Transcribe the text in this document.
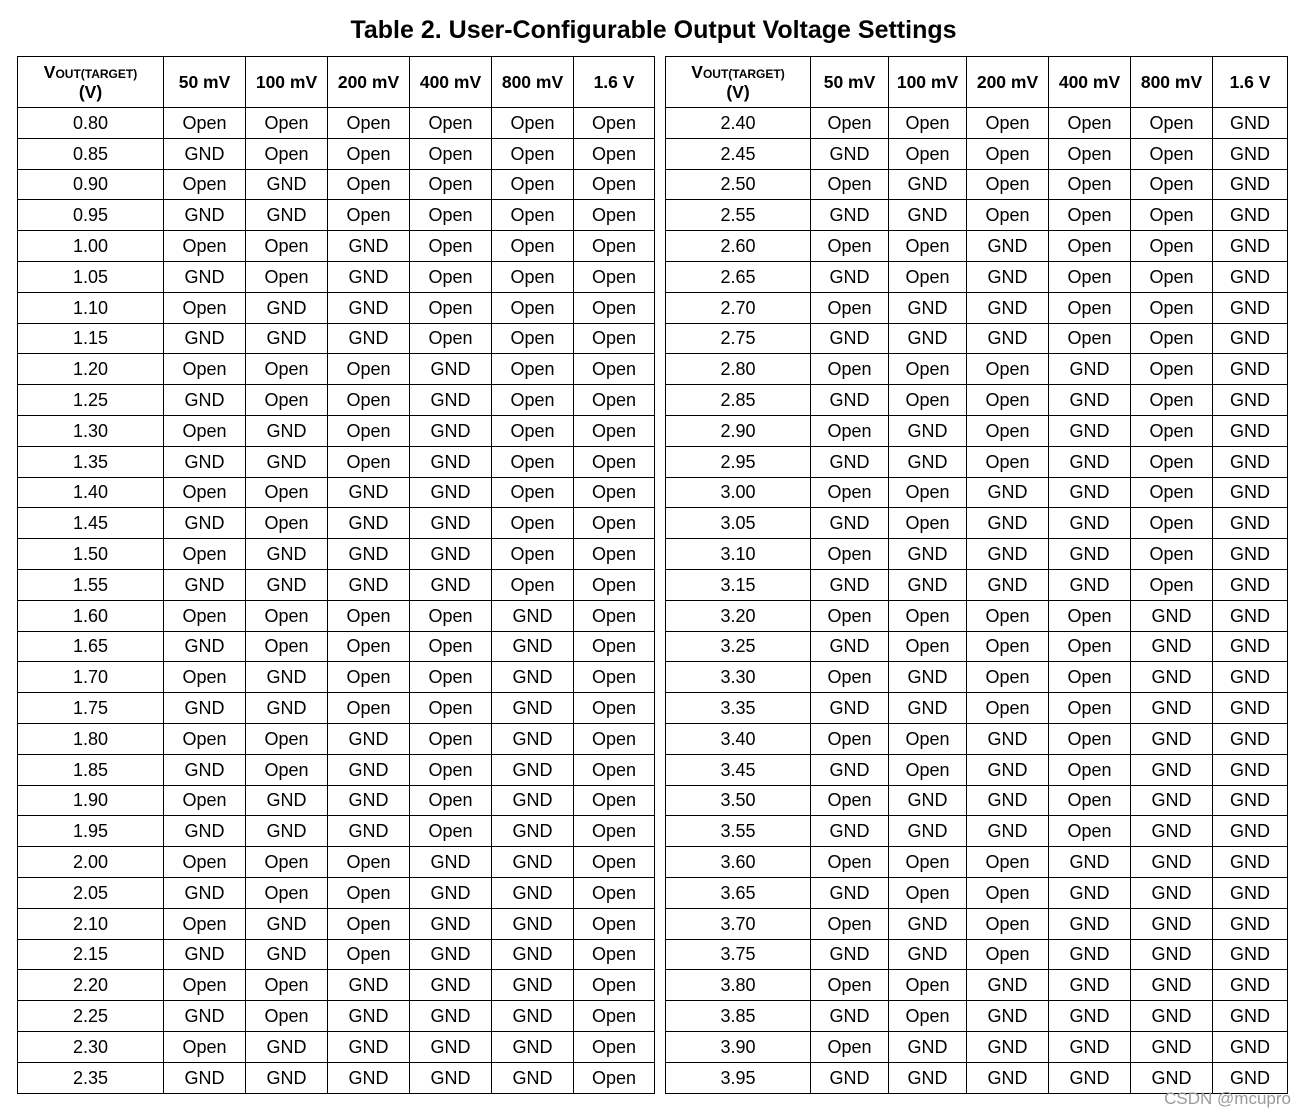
Table 2. User-Configurable Output Voltage Settings
VOUT(TARGET)
(V)	50 mV	100 mV	200 mV	400 mV	800 mV	1.6 V
0.80	Open	Open	Open	Open	Open	Open
0.85	GND	Open	Open	Open	Open	Open
0.90	Open	GND	Open	Open	Open	Open
0.95	GND	GND	Open	Open	Open	Open
1.00	Open	Open	GND	Open	Open	Open
1.05	GND	Open	GND	Open	Open	Open
1.10	Open	GND	GND	Open	Open	Open
1.15	GND	GND	GND	Open	Open	Open
1.20	Open	Open	Open	GND	Open	Open
1.25	GND	Open	Open	GND	Open	Open
1.30	Open	GND	Open	GND	Open	Open
1.35	GND	GND	Open	GND	Open	Open
1.40	Open	Open	GND	GND	Open	Open
1.45	GND	Open	GND	GND	Open	Open
1.50	Open	GND	GND	GND	Open	Open
1.55	GND	GND	GND	GND	Open	Open
1.60	Open	Open	Open	Open	GND	Open
1.65	GND	Open	Open	Open	GND	Open
1.70	Open	GND	Open	Open	GND	Open
1.75	GND	GND	Open	Open	GND	Open
1.80	Open	Open	GND	Open	GND	Open
1.85	GND	Open	GND	Open	GND	Open
1.90	Open	GND	GND	Open	GND	Open
1.95	GND	GND	GND	Open	GND	Open
2.00	Open	Open	Open	GND	GND	Open
2.05	GND	Open	Open	GND	GND	Open
2.10	Open	GND	Open	GND	GND	Open
2.15	GND	GND	Open	GND	GND	Open
2.20	Open	Open	GND	GND	GND	Open
2.25	GND	Open	GND	GND	GND	Open
2.30	Open	GND	GND	GND	GND	Open
2.35	GND	GND	GND	GND	GND	Open
VOUT(TARGET)
(V)	50 mV	100 mV	200 mV	400 mV	800 mV	1.6 V
2.40	Open	Open	Open	Open	Open	GND
2.45	GND	Open	Open	Open	Open	GND
2.50	Open	GND	Open	Open	Open	GND
2.55	GND	GND	Open	Open	Open	GND
2.60	Open	Open	GND	Open	Open	GND
2.65	GND	Open	GND	Open	Open	GND
2.70	Open	GND	GND	Open	Open	GND
2.75	GND	GND	GND	Open	Open	GND
2.80	Open	Open	Open	GND	Open	GND
2.85	GND	Open	Open	GND	Open	GND
2.90	Open	GND	Open	GND	Open	GND
2.95	GND	GND	Open	GND	Open	GND
3.00	Open	Open	GND	GND	Open	GND
3.05	GND	Open	GND	GND	Open	GND
3.10	Open	GND	GND	GND	Open	GND
3.15	GND	GND	GND	GND	Open	GND
3.20	Open	Open	Open	Open	GND	GND
3.25	GND	Open	Open	Open	GND	GND
3.30	Open	GND	Open	Open	GND	GND
3.35	GND	GND	Open	Open	GND	GND
3.40	Open	Open	GND	Open	GND	GND
3.45	GND	Open	GND	Open	GND	GND
3.50	Open	GND	GND	Open	GND	GND
3.55	GND	GND	GND	Open	GND	GND
3.60	Open	Open	Open	GND	GND	GND
3.65	GND	Open	Open	GND	GND	GND
3.70	Open	GND	Open	GND	GND	GND
3.75	GND	GND	Open	GND	GND	GND
3.80	Open	Open	GND	GND	GND	GND
3.85	GND	Open	GND	GND	GND	GND
3.90	Open	GND	GND	GND	GND	GND
3.95	GND	GND	GND	GND	GND	GND
CSDN @mcupro
